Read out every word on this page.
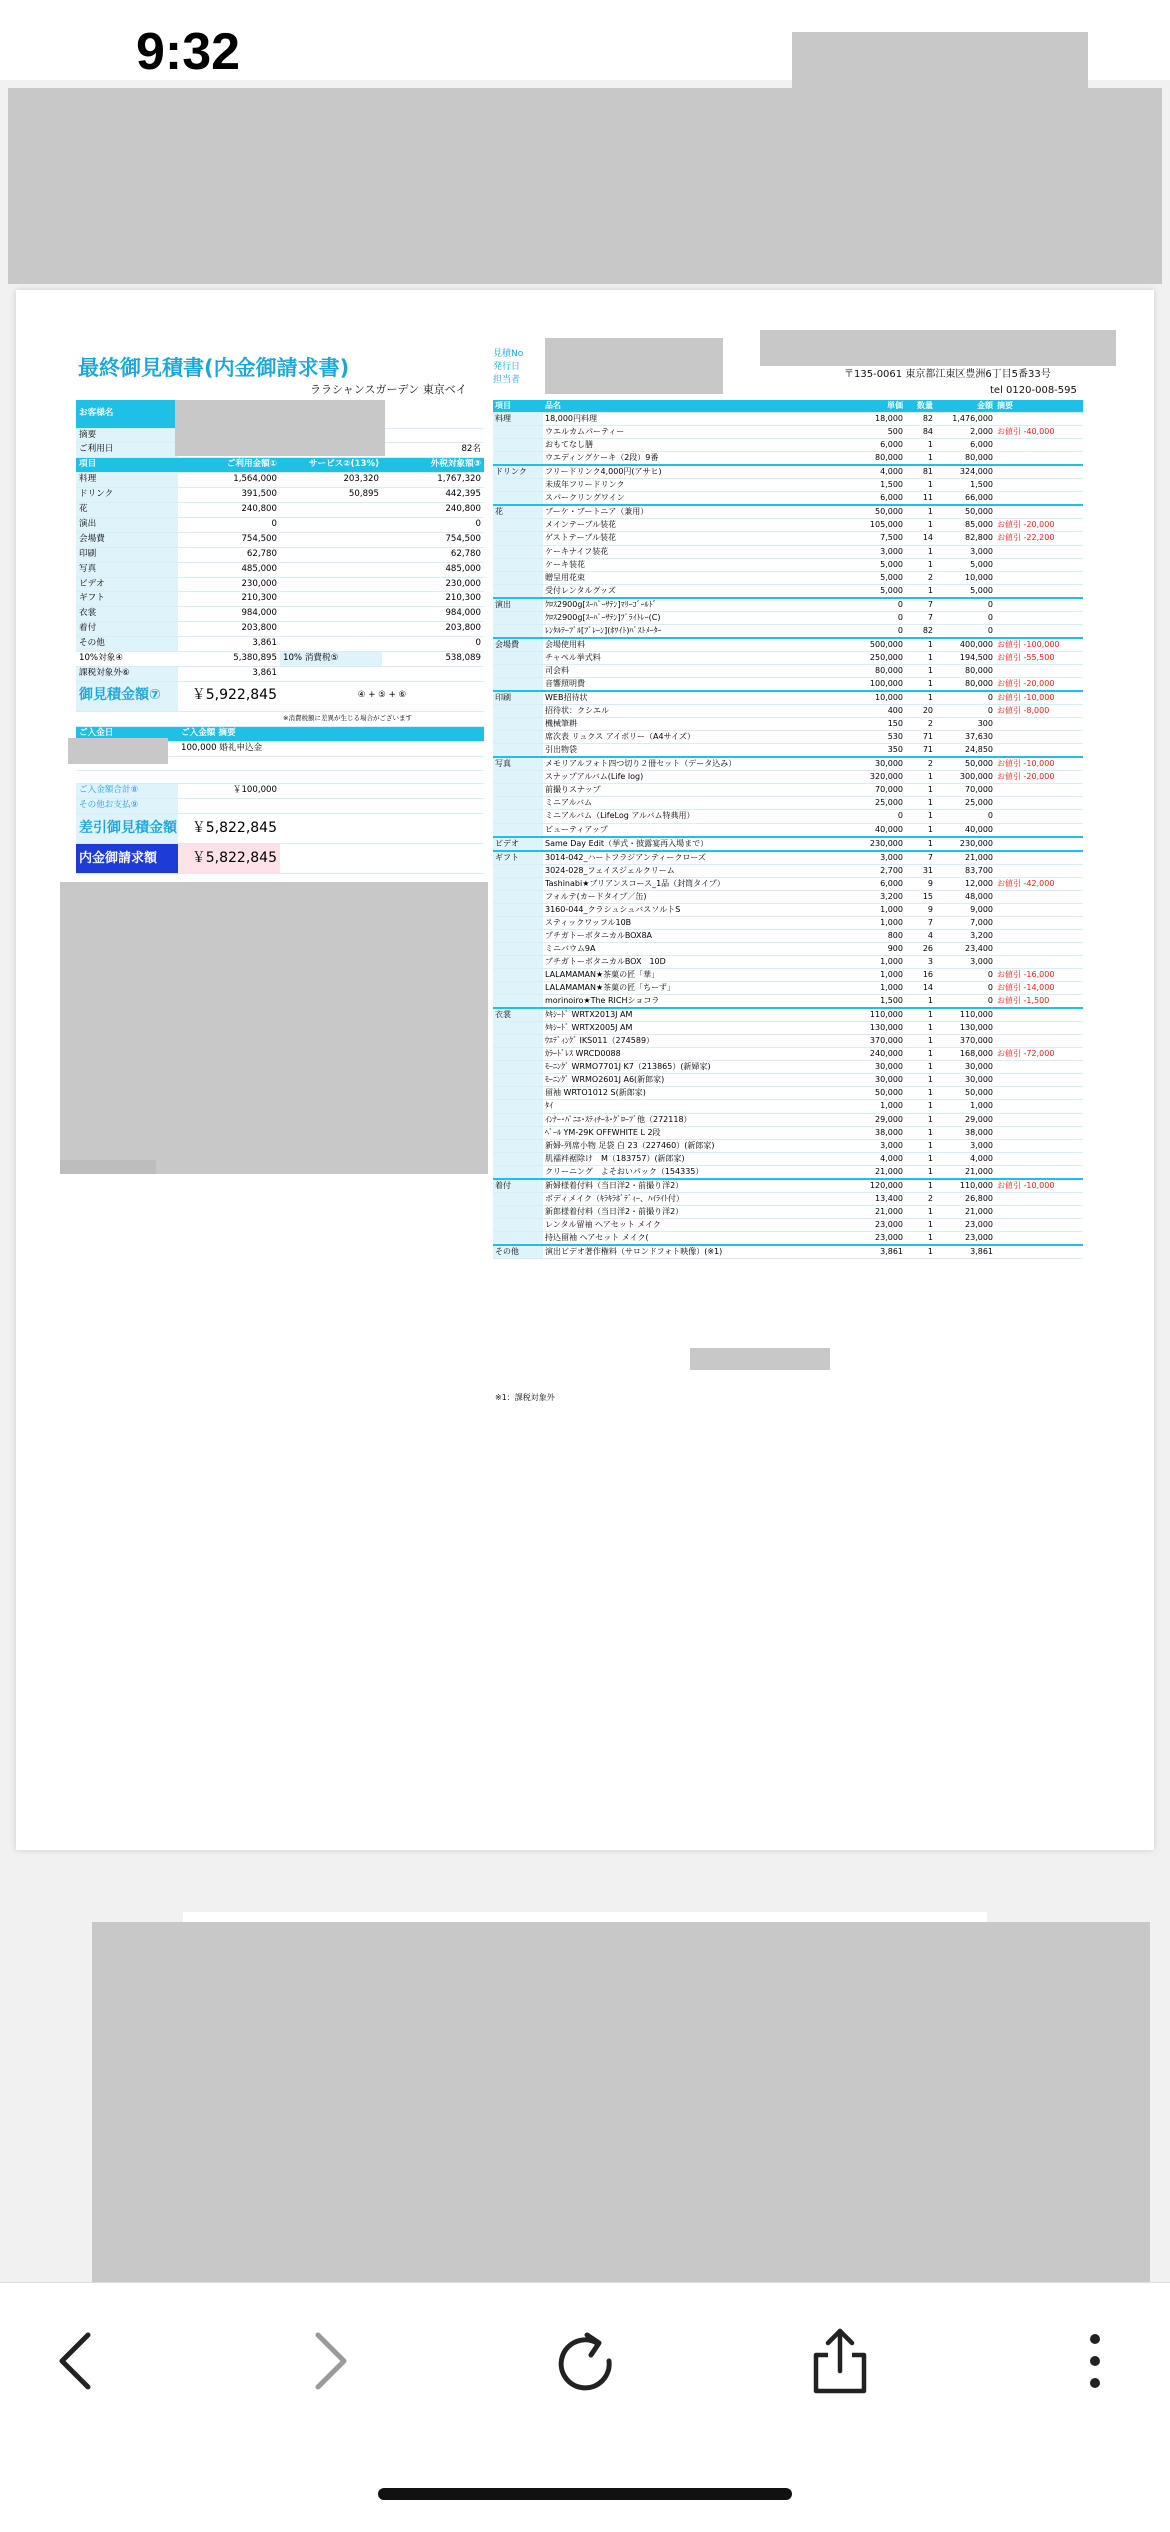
9:32
最終御見積書(内金御請求書)
ララシャンスガーデン 東京ベイ
見積No
発行日
担当者	〒135-0061 東京都江東区豊洲6丁目5番33号
tel 0120-008-595
お客様名			
摘要			
ご利用日			82名
項目	ご利用金額①	サービス②(13%)	外税対象額③
料理	1,564,000	203,320	1,767,320
ドリンク	391,500	50,895	442,395
花	240,800		240,800
演出	0		0
会場費	754,500		754,500
印刷	62,780		62,780
写真	485,000		485,000
ビデオ	230,000		230,000
ギフト	210,300		210,300
衣裳	984,000		984,000
着付	203,800		203,800
その他	3,861		0
10%対象④	5,380,895	10% 消費税⑤	538,089
課税対象外⑥	3,861		
御見積金額⑦	￥5,922,845	④ + ⑤ + ⑥	
		※消費税額に差異が生じる場合がございます	
ご入金日	ご入金額 摘要		
	100,000 婚礼申込金		

ご入金額合計⑧	￥100,000		
その他お支払⑨			
差引御見積金額	￥5,822,845		
内金御請求額	￥5,822,845		
項目	品名	単価	数量	金額	摘要
料理	18,000円料理	18,000	82	1,476,000	
	ウエルカムパーティー	500	84	2,000	お値引 -40,000
	おもてなし膳	6,000	1	6,000	
	ウエディングケーキ（2段）9番	80,000	1	80,000	
ドリンク	フリードリンク4,000円(アサヒ)	4,000	81	324,000	
	未成年フリードリンク	1,500	1	1,500	
	スパークリングワイン	6,000	11	66,000	
花	ブーケ・ブートニア（兼用）	50,000	1	50,000	
	メインテーブル装花	105,000	1	85,000	お値引 -20,000
	ゲストテーブル装花	7,500	14	82,800	お値引 -22,200
	ケーキナイフ装花	3,000	1	3,000	
	ケーキ装花	5,000	1	5,000	
	贈呈用花束	5,000	2	10,000	
	受付レンタルグッズ	5,000	1	5,000	
演出	ｸﾛｽ2900g[ｽｰﾊﾟｰｻﾃﾝ]ﾏﾘｰｺﾞｰﾙﾄﾞ	0	7	0	
	ｸﾛｽ2900g[ｽｰﾊﾟｰｻﾃﾝ]ﾌﾟﾗｲﾄﾚｰ(C)	0	7	0	
	ﾚﾝﾀﾙﾃｰﾌﾞﾙ[ﾌﾞﾚｰﾝ](ﾎﾜｲﾄ)ﾊﾞｽﾄﾒｰﾀｰ	0	82	0	
会場費	会場使用料	500,000	1	400,000	お値引 -100,000
	チャペル挙式料	250,000	1	194,500	お値引 -55,500
	司会料	80,000	1	80,000	
	音響照明費	100,000	1	80,000	お値引 -20,000
印刷	WEB招待状	10,000	1	0	お値引 -10,000
	招待状：クシエル	400	20	0	お値引 -8,000
	機械筆耕	150	2	300	
	席次表 リュクス アイボリー（A4サイズ）	530	71	37,630	
	引出物袋	350	71	24,850	
写真	メモリアルフォト四つ切り２冊セット（データ込み）	30,000	2	50,000	お値引 -10,000
	スナップアルバム(Life log)	320,000	1	300,000	お値引 -20,000
	前撮りスナップ	70,000	1	70,000	
	ミニアルバム	25,000	1	25,000	
	ミニアルバム（LifeLog アルバム特典用）	0	1	0	
	ビューティアップ	40,000	1	40,000	
ビデオ	Same Day Edit（挙式・披露宴再入場まで）	230,000	1	230,000	
ギフト	3014-042_ハートフラジアンティークローズ	3,000	7	21,000	
	3024-028_フェイスジェルクリーム	2,700	31	83,700	
	Tashinabi★ブリアンスコース_1品（封筒タイプ）	6,000	9	12,000	お値引 -42,000
	フォルテ(カードタイプ／缶)	3,200	15	48,000	
	3160-044_クラシュシュバスソルトS	1,000	9	9,000	
	スティックワッフル10B	1,000	7	7,000	
	プチガトーボタニカルBOX8A	800	4	3,200	
	ミニバウム9A	900	26	23,400	
	プチガトーボタニカルBOX　10D	1,000	3	3,000	
	LALAMAMAN★茶菓の匠「華」	1,000	16	0	お値引 -16,000
	LALAMAMAN★茶菓の匠「ちーず」	1,000	14	0	お値引 -14,000
	morinoiro★The RICHショコラ	1,500	1	0	お値引 -1,500
衣裳	ﾀｷｼｰﾄﾞ WRTX2013J AM	110,000	1	110,000	
	ﾀｷｼｰﾄﾞ WRTX2005J AM	130,000	1	130,000	
	ｳｴﾃﾞｨﾝｸﾞ IKS011（274589）	370,000	1	370,000	
	ｶﾗｰﾄﾞﾚｽ WRCD0088	240,000	1	168,000	お値引 -72,000
	ﾓｰﾆﾝｸﾞ WRMO7701J K7（213865）(新婦家)	30,000	1	30,000	
	ﾓｰﾆﾝｸﾞ WRMO2601J A6(新郎家)	30,000	1	30,000	
	留袖 WRTO1012 S(新郎家)	50,000	1	50,000	
	ﾀｲ	1,000	1	1,000	
	ｲﾝﾅｰ･ﾊﾟﾆｴ･ｽﾃｨﾁｰﾈ･ｸﾞﾛｰﾌﾞ他（272118）	29,000	1	29,000	
	ﾍﾞｰﾙ YM-29K OFFWHITE L 2段	38,000	1	38,000	
	新婦-列席小物 足袋 白 23（227460）(新郎家)	3,000	1	3,000	
	肌襦袢裾除け　M（183757）(新郎家)	4,000	1	4,000	
	クリーニング　よそおいパック（154335）	21,000	1	21,000	
着付	新婦様着付料（当日洋2・前撮り洋2）	120,000	1	110,000	お値引 -10,000
	ボディメイク（ｷﾗｷﾗﾎﾞﾃﾞｨｰ、ﾊｲﾗｲﾄ付）	13,400	2	26,800	
	新郎様着付料（当日洋2・前撮り洋2）	21,000	1	21,000	
	レンタル留袖 ヘアセット メイク	23,000	1	23,000	
	持込留袖 ヘアセット メイク(	23,000	1	23,000	
その他	演出ビデオ著作権料（サロンドフォト映像）(※1)	3,861	1	3,861	
※1：課税対象外
